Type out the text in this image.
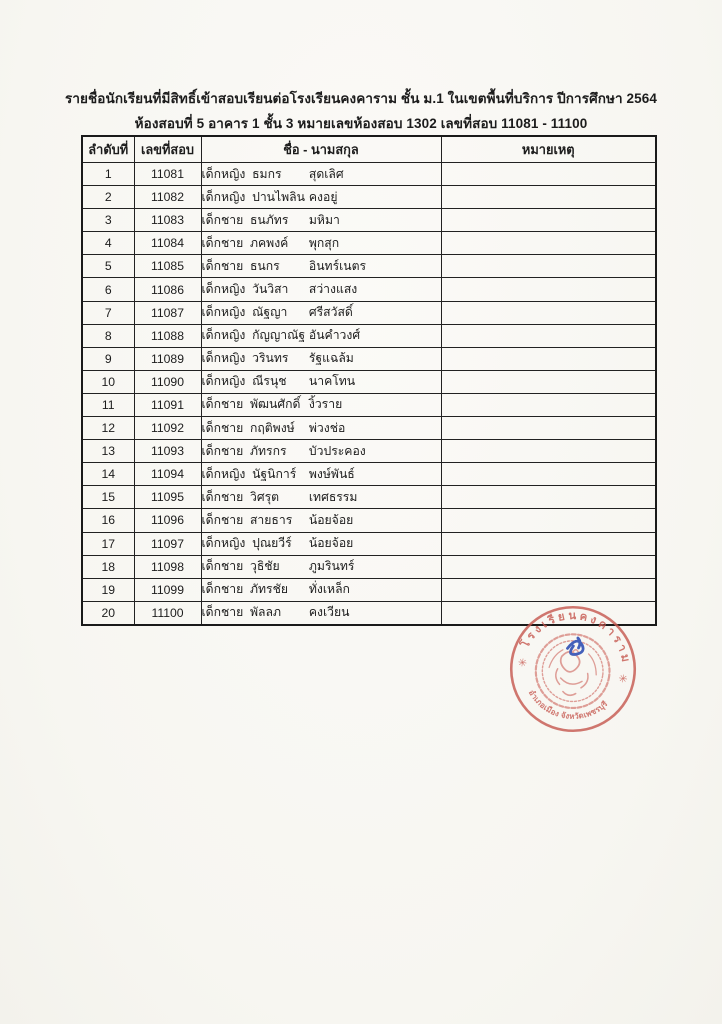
รายชื่อนักเรียนที่มีสิทธิ์เข้าสอบเรียนต่อโรงเรียนคงคาราม ชั้น ม.1 ในเขตพื้นที่บริการ ปีการศึกษา 2564
ห้องสอบที่ 5 อาคาร 1 ชั้น 3 หมายเลขห้องสอบ 1302 เลขที่สอบ 11081 - 11100
ลำดับที่	เลขที่สอบ	ชื่อ - นามสกุล	หมายเหตุ
1	11081	เด็กหญิง  ธมกร สุดเลิศ	
2	11082	เด็กหญิง  ปานไพลิน คงอยู่	
3	11083	เด็กชาย  ธนภัทร มหิมา	
4	11084	เด็กชาย  ภคพงค์ พุกสุก	
5	11085	เด็กชาย  ธนกร อินทร์เนตร	
6	11086	เด็กหญิง  วันวิสา สว่างแสง	
7	11087	เด็กหญิง  ณัฐญา ศรีสวัสดิ์	
8	11088	เด็กหญิง  กัญญาณัฐ อันคำวงศ์	
9	11089	เด็กหญิง  วรินทร รัฐแฉล้ม	
10	11090	เด็กหญิง  ณีรนุช นาคโทน	
11	11091	เด็กชาย  พัฒนศักดิ์ งิ้วราย	
12	11092	เด็กชาย  กฤติพงษ์ พ่วงช่อ	
13	11093	เด็กชาย  ภัทรกร บัวประคอง	
14	11094	เด็กหญิง  นัฐนิการ์ พงษ์พันธ์	
15	11095	เด็กชาย  วิศรุต เทศธรรม	
16	11096	เด็กชาย  สายธาร น้อยจ้อย	
17	11097	เด็กหญิง  ปุณยวีร์ น้อยจ้อย	
18	11098	เด็กชาย  วุธิชัย ภูมรินทร์	
19	11099	เด็กชาย  ภัทรชัย ทั่งเหล็ก	
20	11100	เด็กชาย  พัลลภ คงเวียน	
โรงเรียนคงคาราม
อำเภอเมือง จังหวัดเพชรบุรี
✳
✳
